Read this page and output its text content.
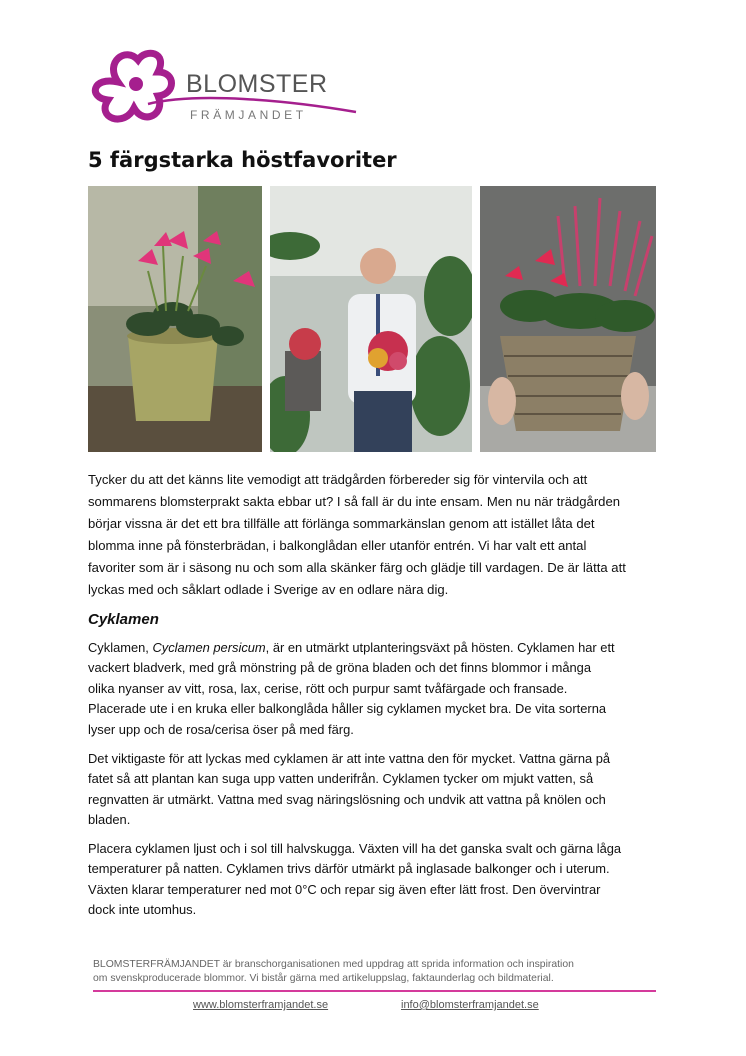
BLOMSTER
FRÄMJANDET
5 färgstarka höstfavoriter
Tycker du att det känns lite vemodigt att trädgården förbereder sig för vintervila och att
sommarens blomsterprakt sakta ebbar ut? I så fall är du inte ensam. Men nu när trädgården
börjar vissna är det ett bra tillfälle att förlänga sommarkänslan genom att istället låta det
blomma inne på fönsterbrädan, i balkonglådan eller utanför entrén. Vi har valt ett antal
favoriter som är i säsong nu och som alla skänker färg och glädje till vardagen. De är lätta att
lyckas med och såklart odlade i Sverige av en odlare nära dig.
Cyklamen
Cyklamen, Cyclamen persicum, är en utmärkt utplanteringsväxt på hösten. Cyklamen har ett
vackert bladverk, med grå mönstring på de gröna bladen och det finns blommor i många
olika nyanser av vitt, rosa, lax, cerise, rött och purpur samt tvåfärgade och fransade.
Placerade ute i en kruka eller balkonglåda håller sig cyklamen mycket bra. De vita sorterna
lyser upp och de rosa/cerisa öser på med färg.
Det viktigaste för att lyckas med cyklamen är att inte vattna den för mycket. Vattna gärna på
fatet så att plantan kan suga upp vatten underifrån. Cyklamen tycker om mjukt vatten, så
regnvatten är utmärkt. Vattna med svag näringslösning och undvik att vattna på knölen och
bladen.
Placera cyklamen ljust och i sol till halvskugga. Växten vill ha det ganska svalt och gärna låga
temperaturer på natten. Cyklamen trivs därför utmärkt på inglasade balkonger och i uterum.
Växten klarar temperaturer ned mot 0°C och repar sig även efter lätt frost. Den övervintrar
dock inte utomhus.
BLOMSTERFRÄMJANDET är branschorganisationen med uppdrag att sprida information och inspiration
om svenskproducerade blommor. Vi bistår gärna med artikeluppslag, faktaunderlag och bildmaterial.
www.blomsterframjandet.se	info@blomsterframjandet.se
